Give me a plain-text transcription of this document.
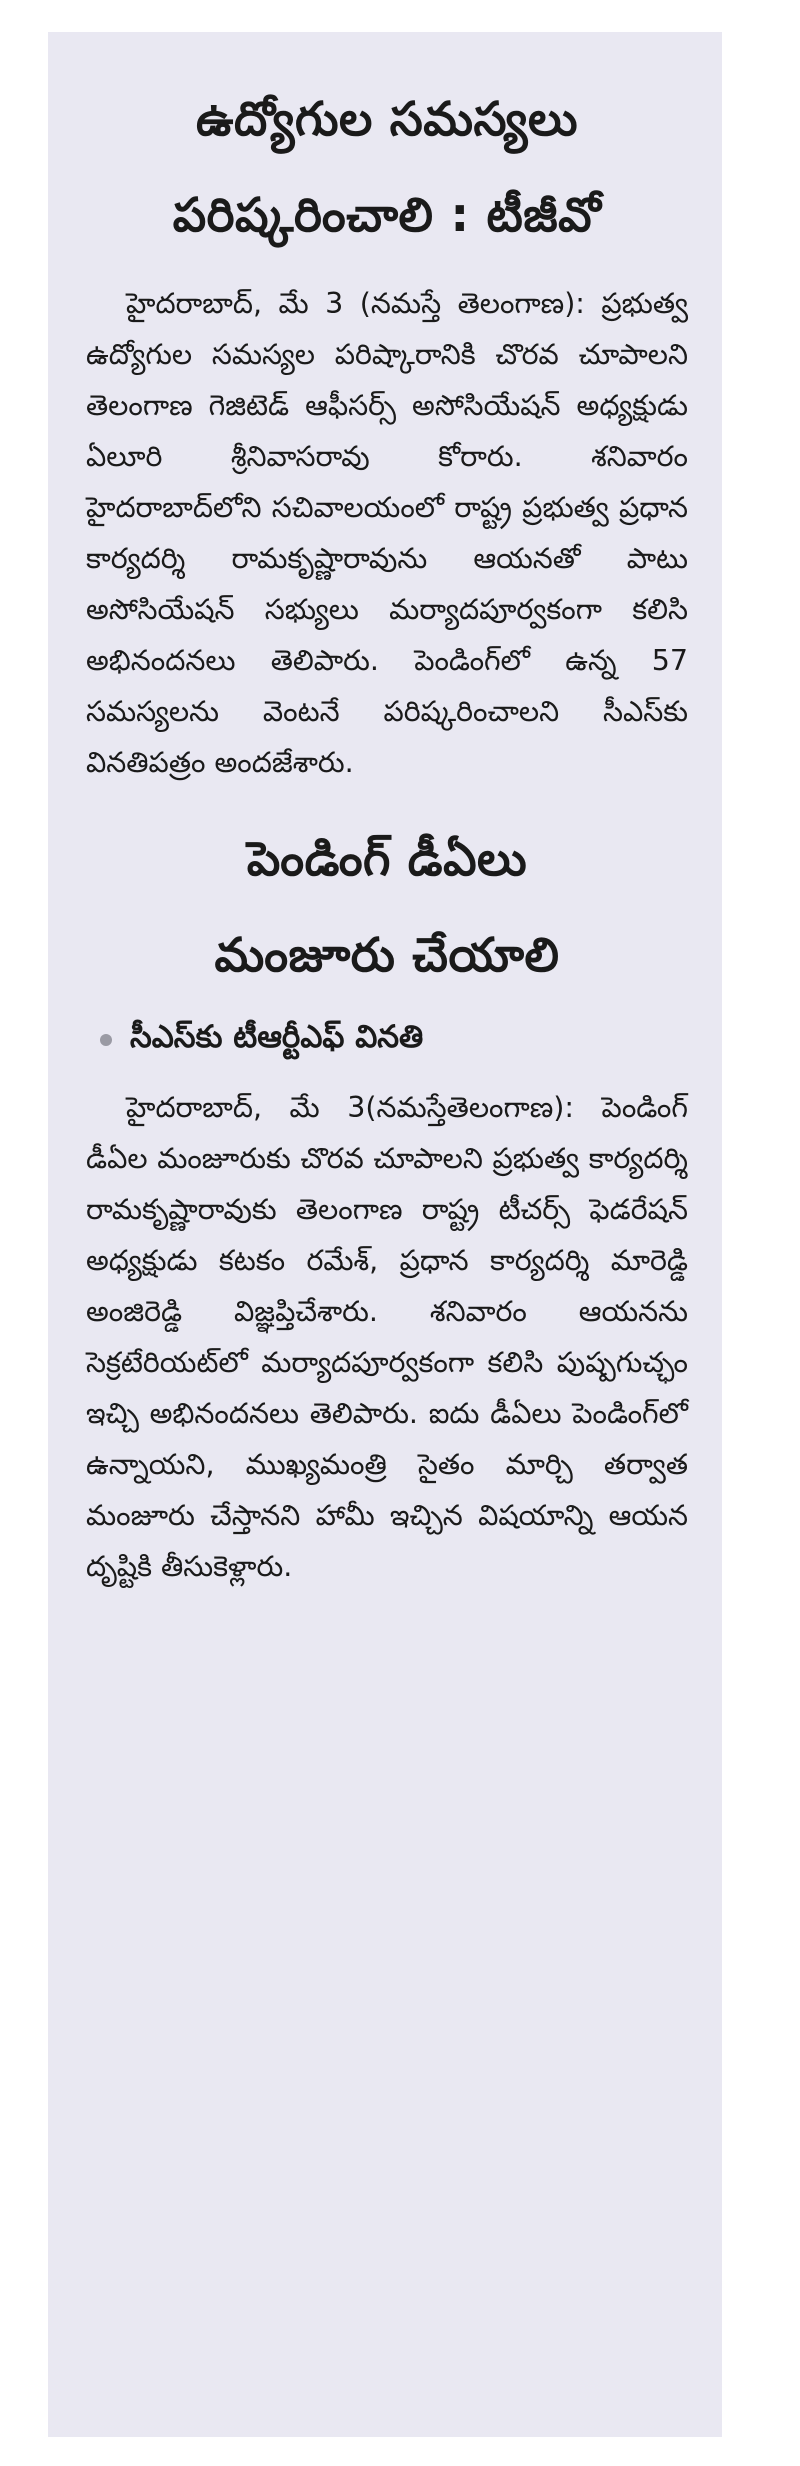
ఉద్యోగుల సమస్యలు
పరిష్కరించాలి : టీజీవో

హైదరాబాద్, మే 3 (నమస్తే తెలంగాణ): ప్రభుత్వ ఉద్యోగుల సమస్యల పరిష్కారానికి చొరవ చూపాలని తెలంగాణ గెజిటెడ్ ఆఫీసర్స్ అసోసియేషన్ అధ్యక్షుడు ఏలూరి శ్రీనివాసరావు కోరారు. శనివారం హైదరాబాద్‌లోని సచివాలయంలో రాష్ట్ర ప్రభుత్వ ప్రధాన కార్యదర్శి రామకృష్ణారావును ఆయనతో పాటు అసోసియేషన్ సభ్యులు మర్యాదపూర్వకంగా కలిసి అభినందనలు తెలిపారు. పెండింగ్‌లో ఉన్న 57 సమస్యలను వెంటనే పరిష్కరించాలని సీఎస్‌కు వినతిపత్రం అందజేశారు.

పెండింగ్ డీఏలు
మంజూరు చేయాలి
సీఎస్‌కు టీఆర్టీఎఫ్ వినతి

హైదరాబాద్, మే 3(నమస్తేతెలంగాణ): పెండింగ్ డీఏల మంజూరుకు చొరవ చూపాలని ప్రభుత్వ కార్యదర్శి రామకృష్ణారావుకు తెలంగాణ రాష్ట్ర టీచర్స్ ఫెడరేషన్ అధ్యక్షుడు కటకం రమేశ్, ప్రధాన కార్యదర్శి మారెడ్డి అంజిరెడ్డి విజ్ఞప్తిచేశారు. శనివారం ఆయనను సెక్రటేరియట్‌లో మర్యాదపూర్వకంగా కలిసి పుష్పగుచ్ఛం ఇచ్చి అభినందనలు తెలిపారు. ఐదు డీఏలు పెండింగ్‌లో ఉన్నాయని, ముఖ్యమంత్రి సైతం మార్చి తర్వాత మంజూరు చేస్తానని హామీ ఇచ్చిన విషయాన్ని ఆయన దృష్టికి తీసుకెళ్లారు.
